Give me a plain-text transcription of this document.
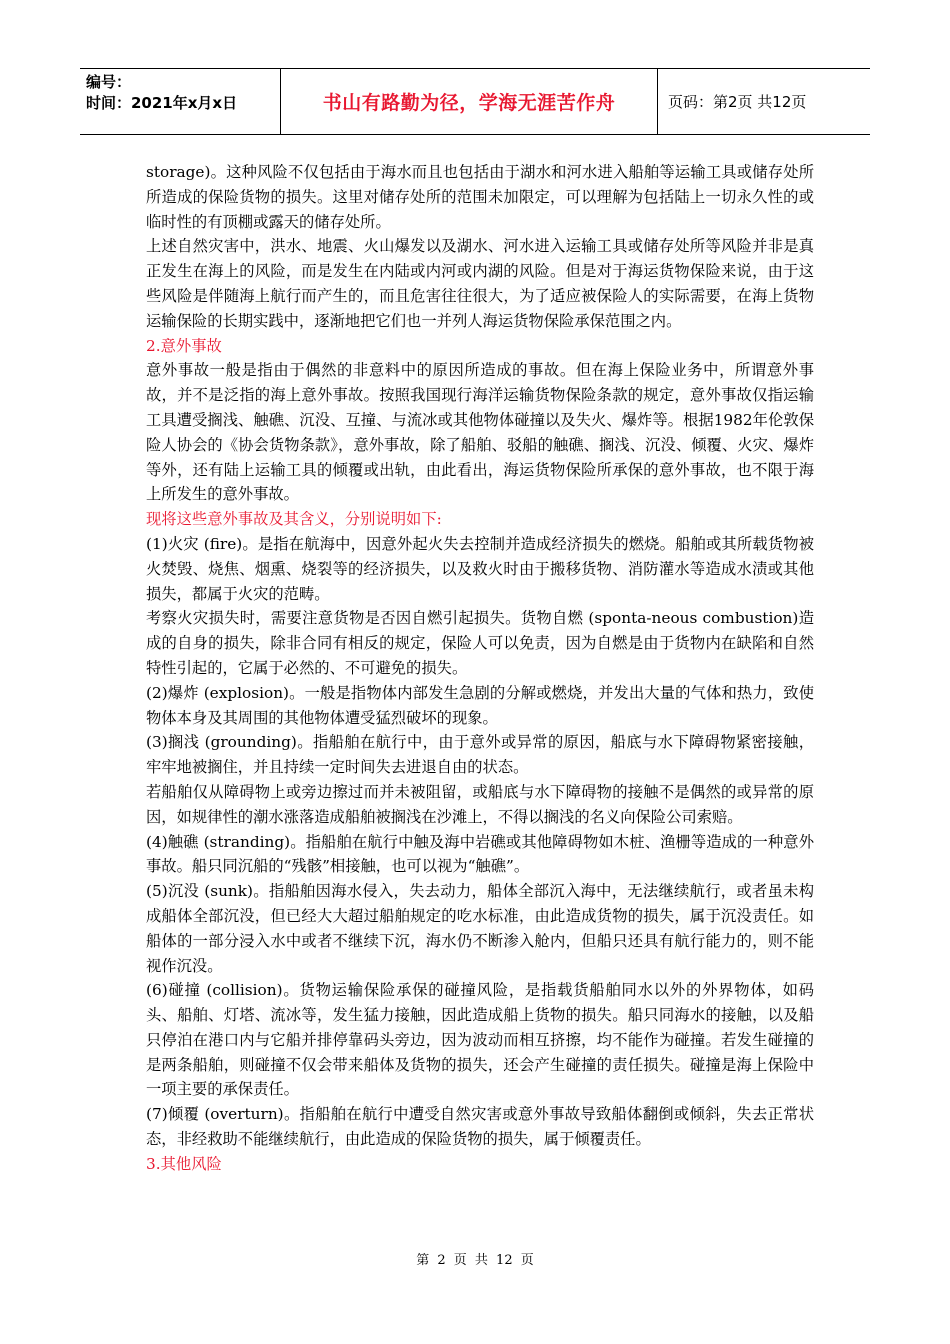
编号：
时间：2021年x月x日	书山有路勤为径，学海无涯苦作舟	页码：第2页 共12页

storage)。这种风险不仅包括由于海水而且也包括由于湖水和河水进入船舶等运输工具或储存处所所造成的保险货物的损失。这里对储存处所的范围未加限定，可以理解为包括陆上一切永久性的或临时性的有顶棚或露天的储存处所。

上述自然灾害中，洪水、地震、火山爆发以及湖水、河水进入运输工具或储存处所等风险并非是真正发生在海上的风险，而是发生在内陆或内河或内湖的风险。但是对于海运货物保险来说，由于这些风险是伴随海上航行而产生的，而且危害往往很大，为了适应被保险人的实际需要，在海上货物运输保险的长期实践中，逐渐地把它们也一并列人海运货物保险承保范围之内。

2.意外事故

意外事故一般是指由于偶然的非意料中的原因所造成的事故。但在海上保险业务中，所谓意外事故，并不是泛指的海上意外事故。按照我国现行海洋运输货物保险条款的规定，意外事故仅指运输工具遭受搁浅、触礁、沉没、互撞、与流冰或其他物体碰撞以及失火、爆炸等。根据1982年伦敦保险人协会的《协会货物条款》，意外事故，除了船舶、驳船的触礁、搁浅、沉没、倾覆、火灾、爆炸等外，还有陆上运输工具的倾覆或出轨，由此看出，海运货物保险所承保的意外事故，也不限于海上所发生的意外事故。

现将这些意外事故及其含义，分别说明如下:

(1)火灾 (fire)。是指在航海中，因意外起火失去控制并造成经济损失的燃烧。船舶或其所载货物被火焚毁、烧焦、烟熏、烧裂等的经济损失，以及救火时由于搬移货物、消防灌水等造成水渍或其他损失，都属于火灾的范畴。

考察火灾损失时，需要注意货物是否因自燃引起损失。货物自燃 (sponta-neous combustion)造成的自身的损失，除非合同有相反的规定，保险人可以免责，因为自燃是由于货物内在缺陷和自然特性引起的，它属于必然的、不可避免的损失。

(2)爆炸 (explosion)。一般是指物体内部发生急剧的分解或燃烧，并发出大量的气体和热力，致使物体本身及其周围的其他物体遭受猛烈破坏的现象。

(3)搁浅 (grounding)。指船舶在航行中，由于意外或异常的原因，船底与水下障碍物紧密接触，牢牢地被搁住，并且持续一定时间失去进退自由的状态。

若船舶仅从障碍物上或旁边擦过而并未被阻留，或船底与水下障碍物的接触不是偶然的或异常的原因，如规律性的潮水涨落造成船舶被搁浅在沙滩上，不得以搁浅的名义向保险公司索赔。

(4)触礁 (stranding)。指船舶在航行中触及海中岩礁或其他障碍物如木桩、渔栅等造成的一种意外事故。船只同沉船的“残骸”相接触，也可以视为“触礁”。

(5)沉没 (sunk)。指船舶因海水侵入，失去动力，船体全部沉入海中，无法继续航行，或者虽未构成船体全部沉没，但已经大大超过船舶规定的吃水标准，由此造成货物的损失，属于沉没责任。如船体的一部分浸入水中或者不继续下沉，海水仍不断渗入舱内，但船只还具有航行能力的，则不能视作沉没。

(6)碰撞 (collision)。货物运输保险承保的碰撞风险，是指载货船舶同水以外的外界物体，如码头、船舶、灯塔、流冰等，发生猛力接触，因此造成船上货物的损失。船只同海水的接触，以及船只停泊在港口内与它船并排停靠码头旁边，因为波动而相互挤擦，均不能作为碰撞。若发生碰撞的是两条船舶，则碰撞不仅会带来船体及货物的损失，还会产生碰撞的责任损失。碰撞是海上保险中一项主要的承保责任。

(7)倾覆 (overturn)。指船舶在航行中遭受自然灾害或意外事故导致船体翻倒或倾斜，失去正常状态，非经救助不能继续航行，由此造成的保险货物的损失，属于倾覆责任。

3.其他风险

第 2 页 共 12 页
